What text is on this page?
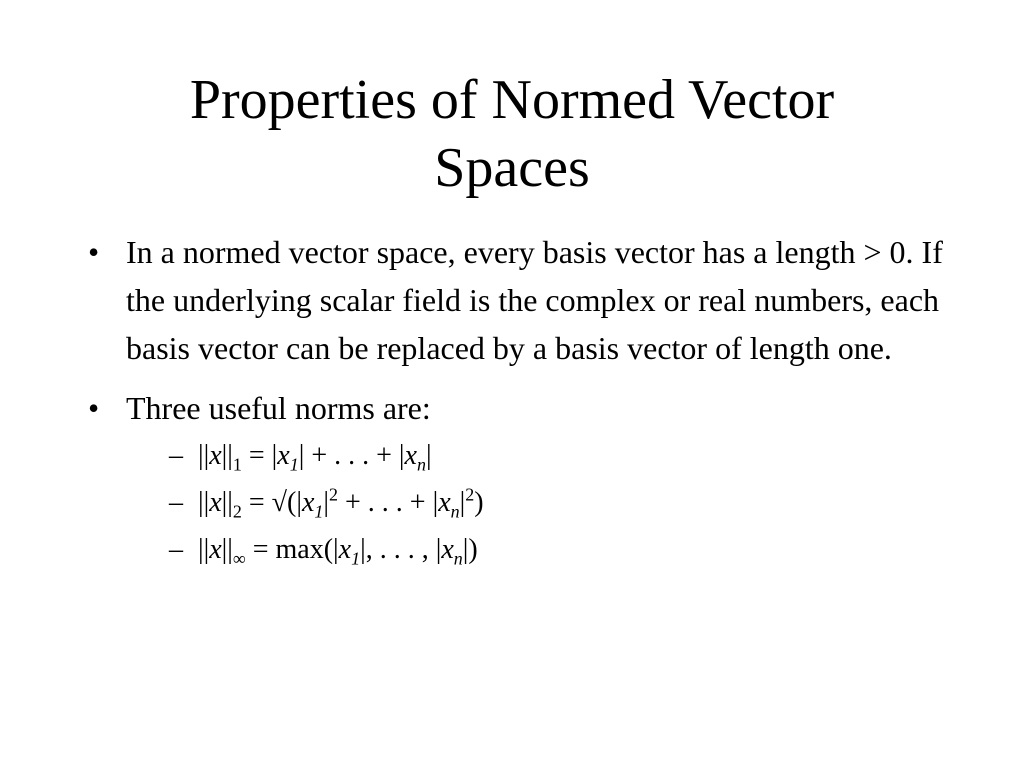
Properties of Normed Vector
Spaces
• In a normed vector space, every basis vector has a length > 0. If the underlying scalar field is the complex or real numbers, each basis vector can be replaced by a basis vector of length one.
• Three useful norms are:
– $||x||_1 = |x_1|$ + . . . + $|x_n|$
– $||x||_2 = √(|x_1|^2$ + . . . + $|x_n|^2$)
– $||x||_\infty = \max(|x_1|$, . . . , $|x_n|$)
